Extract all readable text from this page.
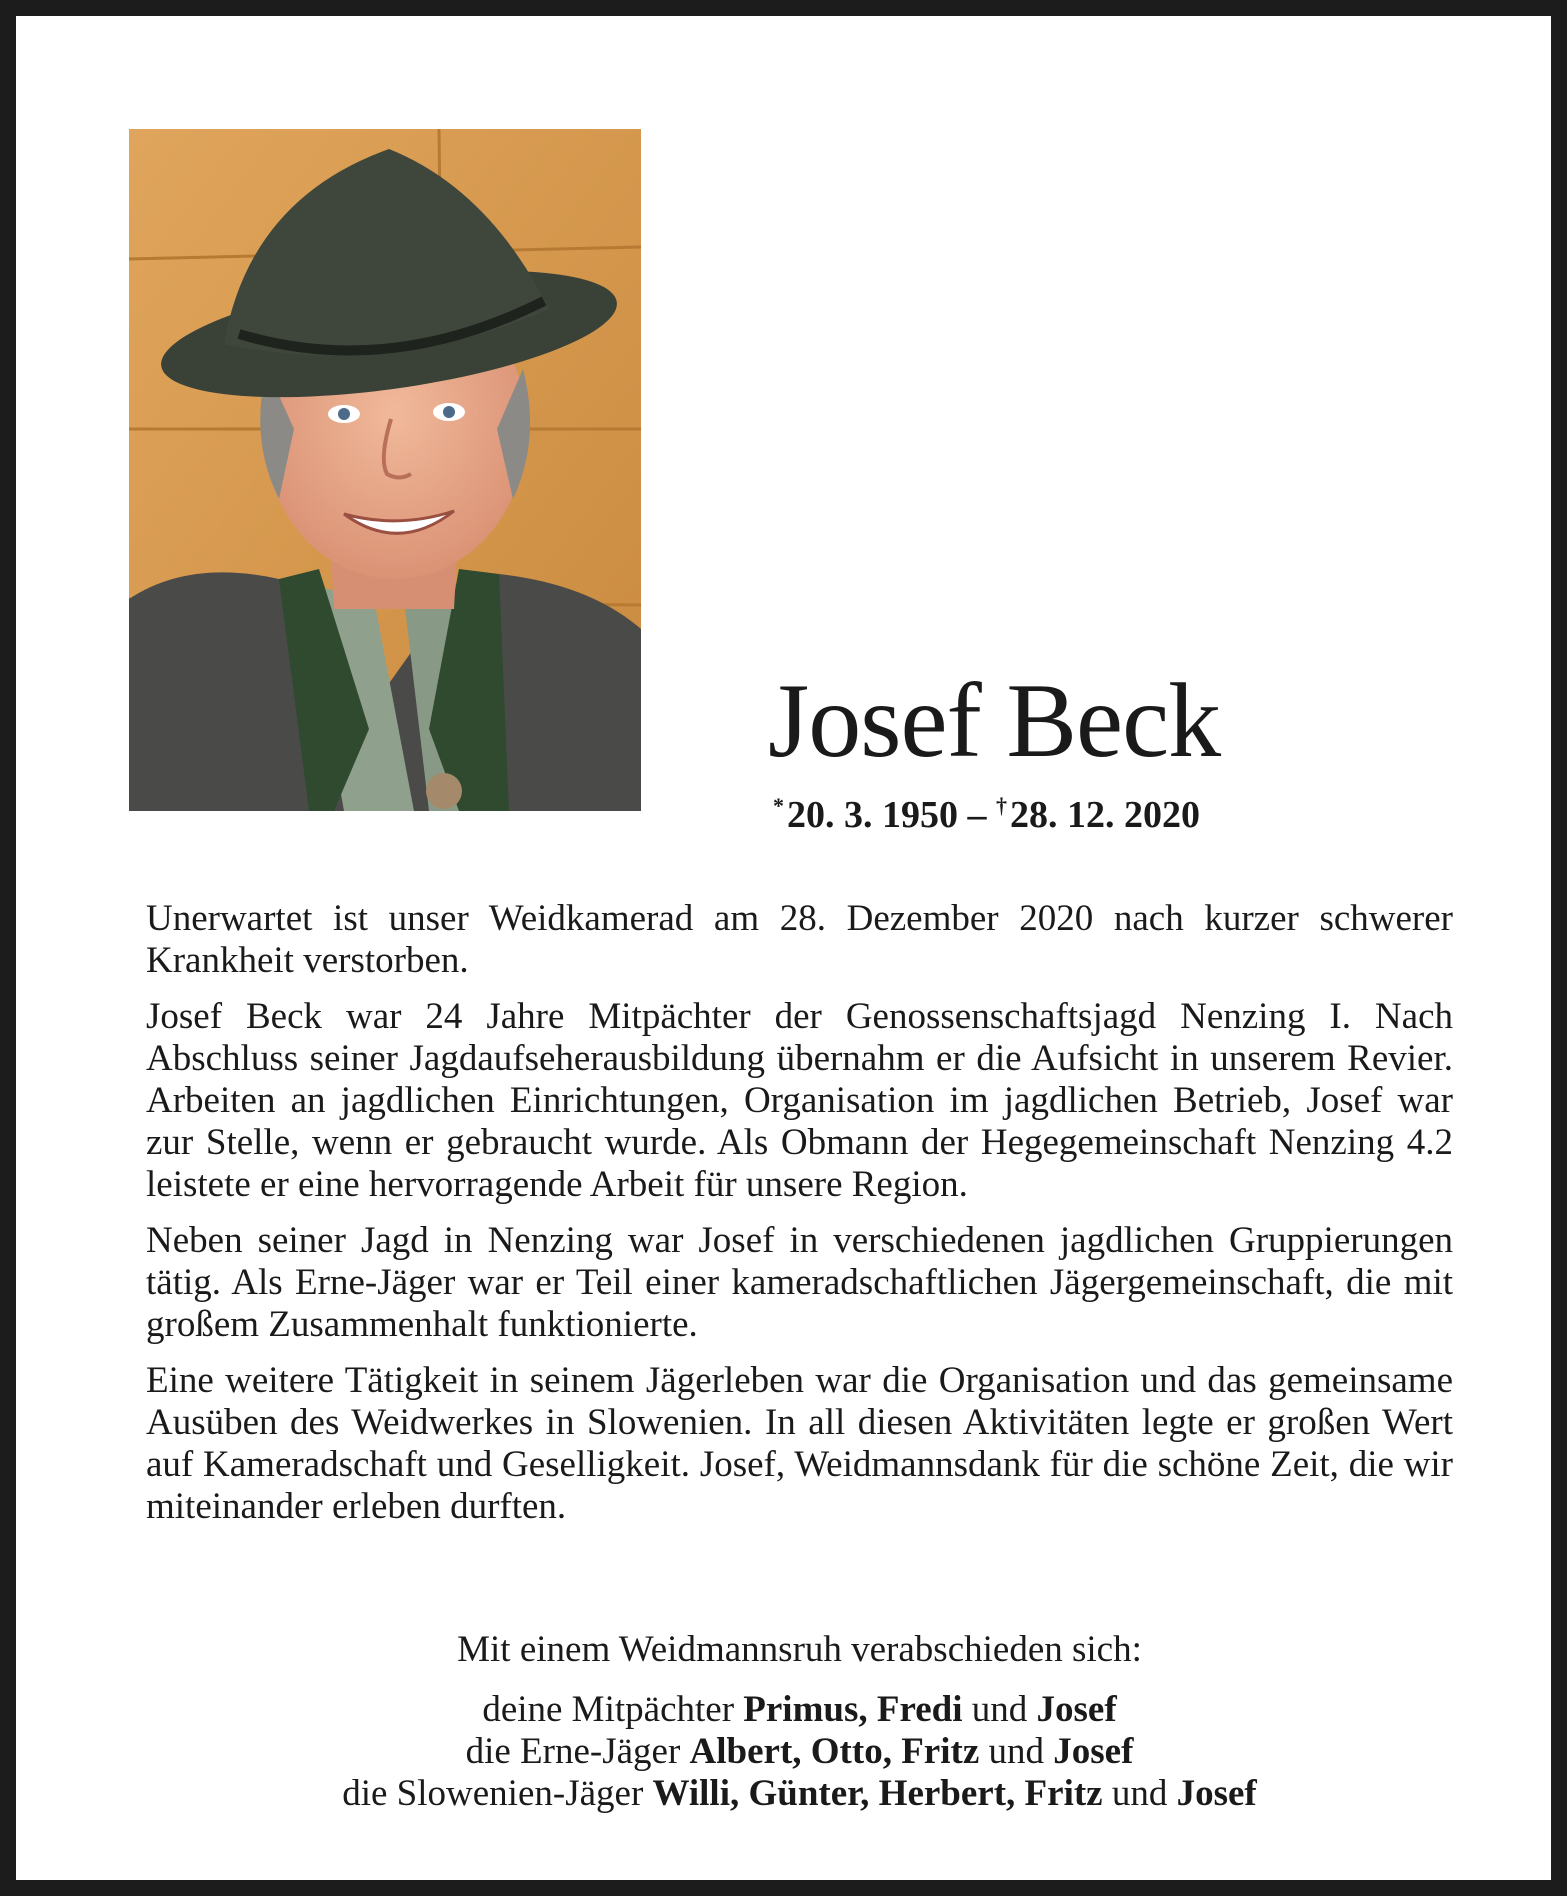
Josef Beck
*20. 3. 1950 – †28. 12. 2020

Unerwartet ist unser Weidkamerad am 28. Dezember 2020 nach kurzer schwerer Krankheit verstorben.

Josef Beck war 24 Jahre Mitpächter der Genossenschaftsjagd Nenzing I. Nach Abschluss seiner Jagdaufseherausbildung übernahm er die Aufsicht in unserem Revier. Arbeiten an jagdlichen Einrichtungen, Organisation im jagdlichen Betrieb, Josef war zur Stelle, wenn er gebraucht wurde. Als Obmann der Hegegemeinschaft Nenzing 4.2 leistete er eine hervorragende Arbeit für unsere Region.

Neben seiner Jagd in Nenzing war Josef in verschiedenen jagdlichen Gruppierungen tätig. Als Erne-Jäger war er Teil einer kameradschaftlichen Jägergemeinschaft, die mit großem Zusammenhalt funktionierte.

Eine weitere Tätigkeit in seinem Jägerleben war die Organisation und das gemeinsame Ausüben des Weidwerkes in Slowenien. In all diesen Aktivitäten legte er großen Wert auf Kameradschaft und Geselligkeit. Josef, Weidmannsdank für die schöne Zeit, die wir miteinander erleben durften.

Mit einem Weidmannsruh verabschieden sich:
deine Mitpächter Primus, Fredi und Josef
die Erne-Jäger Albert, Otto, Fritz und Josef
die Slowenien-Jäger Willi, Günter, Herbert, Fritz und Josef
